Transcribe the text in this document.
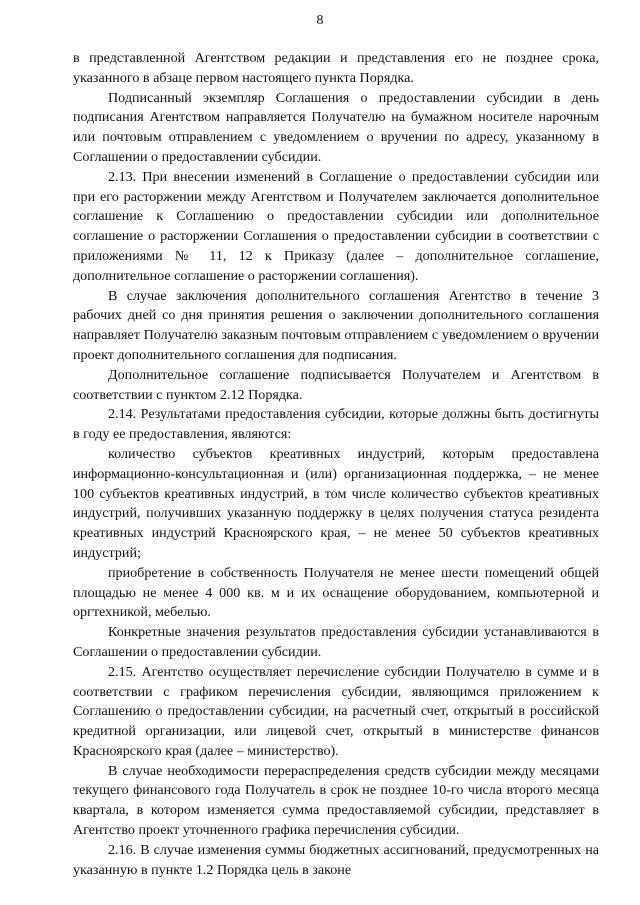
8

в представленной Агентством редакции и представления его не позднее срока, указанного в абзаце первом настоящего пункта Порядка.

Подписанный экземпляр Соглашения о предоставлении субсидии в день подписания Агентством направляется Получателю на бумажном носителе нарочным или почтовым отправлением с уведомлением о вручении по адресу, указанному в Соглашении о предоставлении субсидии.

2.13. При внесении изменений в Соглашение о предоставлении субсидии или при его расторжении между Агентством и Получателем заключается дополнительное соглашение к Соглашению о предоставлении субсидии или дополнительное соглашение о расторжении Соглашения о предоставлении субсидии в соответствии с приложениями № 11, 12 к Приказу (далее – дополнительное соглашение, дополнительное соглашение о расторжении соглашения).

В случае заключения дополнительного соглашения Агентство в течение 3 рабочих дней со дня принятия решения о заключении дополнительного соглашения направляет Получателю заказным почтовым отправлением с уведомлением о вручении проект дополнительного соглашения для подписания.

Дополнительное соглашение подписывается Получателем и Агентством в соответствии с пунктом 2.12 Порядка.

2.14. Результатами предоставления субсидии, которые должны быть достигнуты в году ее предоставления, являются:

количество субъектов креативных индустрий, которым предоставлена информационно-консультационная и (или) организационная поддержка, – не менее 100 субъектов креативных индустрий, в том числе количество субъектов креативных индустрий, получивших указанную поддержку в целях получения статуса резидента креативных индустрий Красноярского края, – не менее 50 субъектов креативных индустрий;

приобретение в собственность Получателя не менее шести помещений общей площадью не менее 4 000 кв. м и их оснащение оборудованием, компьютерной и оргтехникой, мебелью.

Конкретные значения результатов предоставления субсидии устанавливаются в Соглашении о предоставлении субсидии.

2.15. Агентство осуществляет перечисление субсидии Получателю в сумме и в соответствии с графиком перечисления субсидии, являющимся приложением к Соглашению о предоставлении субсидии, на расчетный счет, открытый в российской кредитной организации, или лицевой счет, открытый в министерстве финансов Красноярского края (далее – министерство).

В случае необходимости перераспределения средств субсидии между месяцами текущего финансового года Получатель в срок не позднее 10-го числа второго месяца квартала, в котором изменяется сумма предоставляемой субсидии, представляет в Агентство проект уточненного графика перечисления субсидии.

2.16. В случае изменения суммы бюджетных ассигнований, предусмотренных на указанную в пункте 1.2 Порядка цель в законе
